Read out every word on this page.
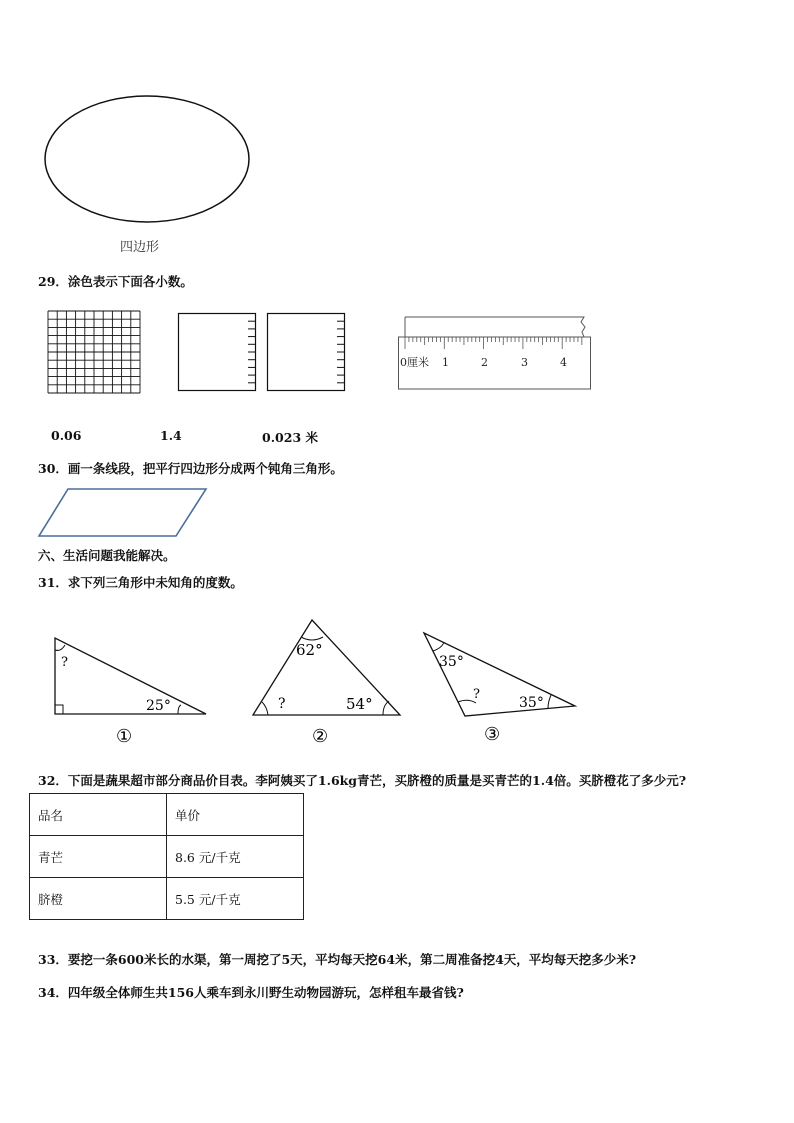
四边形
29．涂色表示下面各小数。
0厘米 1	2	3	4
0.06	1.4	0.023 米
30．画一条线段，把平行四边形分成两个钝角三角形。
六、生活问题我能解决。
31．求下列三角形中未知角的度数。
?
25°
①
62°
?	54°
②
35°
?
35°
③
32．下面是蔬果超市部分商品价目表。李阿姨买了1.6kg青芒，买脐橙的质量是买青芒的1.4倍。买脐橙花了多少元?
品名	单价
青芒	8.6 元/千克
脐橙	5.5 元/千克
33．要挖一条600米长的水渠，第一周挖了5天，平均每天挖64米，第二周准备挖4天，平均每天挖多少米?
34．四年级全体师生共156人乘车到永川野生动物园游玩，怎样租车最省钱?
